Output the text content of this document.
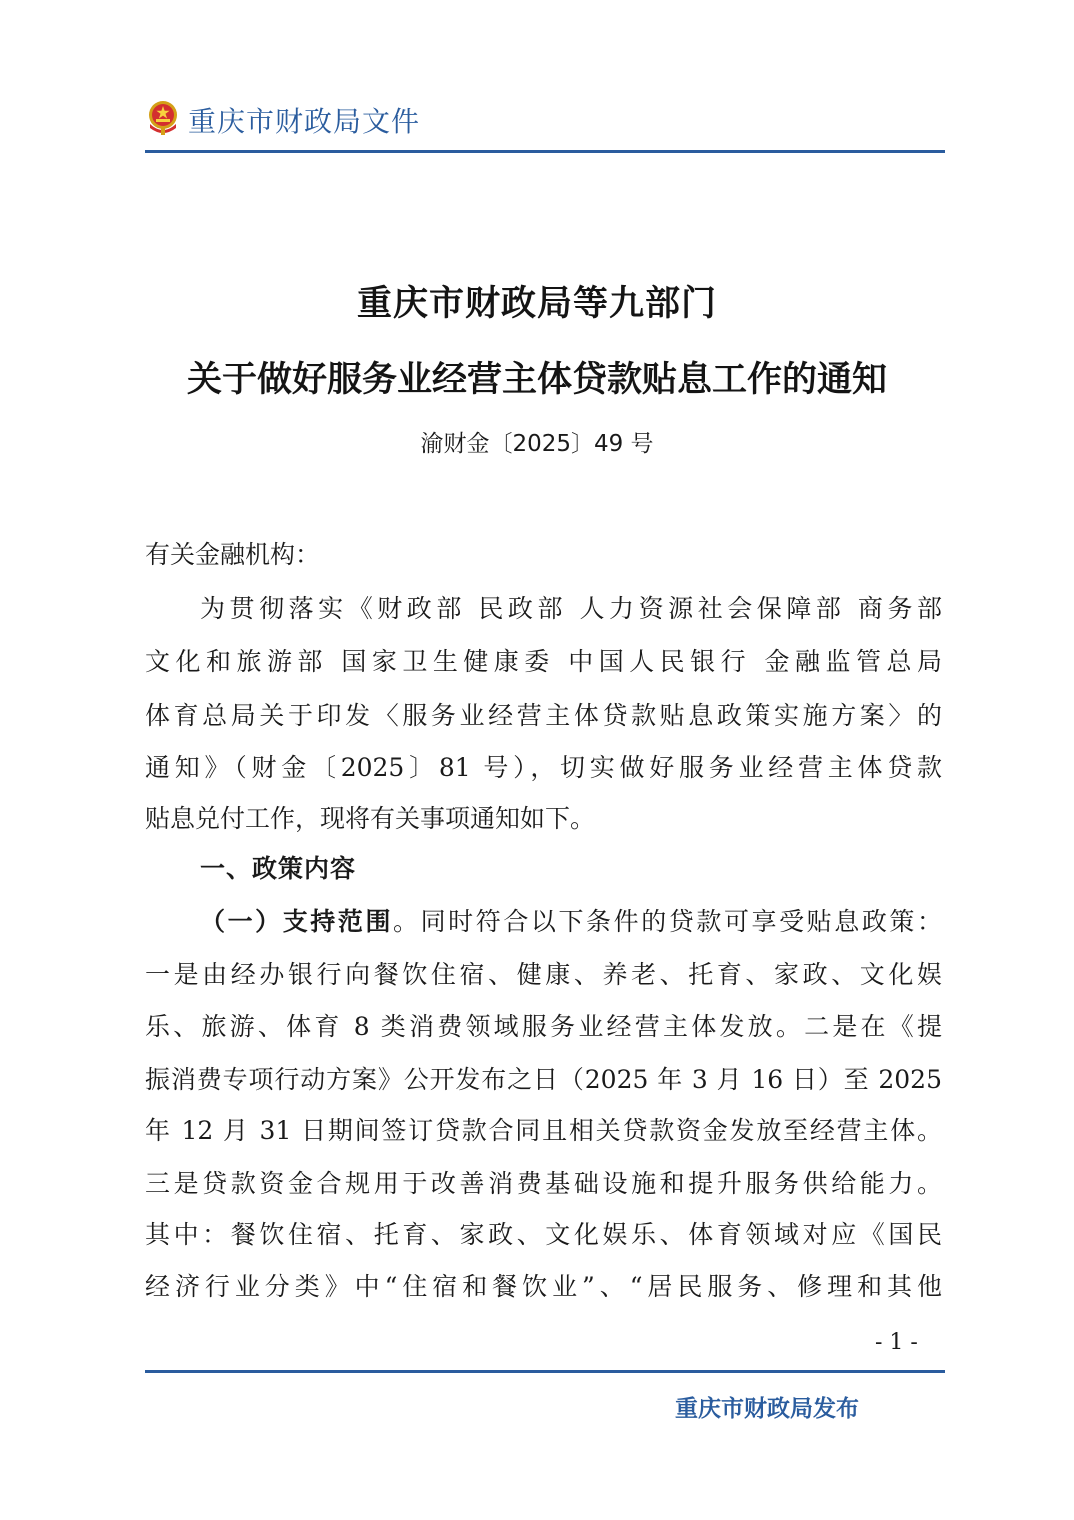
重庆市财政局文件
重庆市财政局等九部门
关于做好服务业经营主体贷款贴息工作的通知
渝财金〔2025〕49 号
有关金融机构：
为贯彻落实《财政部 民政部 人力资源社会保障部 商务部
文化和旅游部 国家卫生健康委 中国人民银行 金融监管总局
体育总局关于印发〈服务业经营主体贷款贴息政策实施方案〉的
通知》（财金〔2025〕81 号），切实做好服务业经营主体贷款
贴息兑付工作，现将有关事项通知如下。
一、政策内容
（一）支持范围。同时符合以下条件的贷款可享受贴息政策：
一是由经办银行向餐饮住宿、健康、养老、托育、家政、文化娱
乐、旅游、体育 8 类消费领域服务业经营主体发放。二是在《提
振消费专项行动方案》公开发布之日（2025 年 3 月 16 日）至 2025
年 12 月 31 日期间签订贷款合同且相关贷款资金发放至经营主体。
三是贷款资金合规用于改善消费基础设施和提升服务供给能力。
其中：餐饮住宿、托育、家政、文化娱乐、体育领域对应《国民
经济行业分类》中“住宿和餐饮业”、“居民服务、修理和其他
- 1 -
重庆市财政局发布
